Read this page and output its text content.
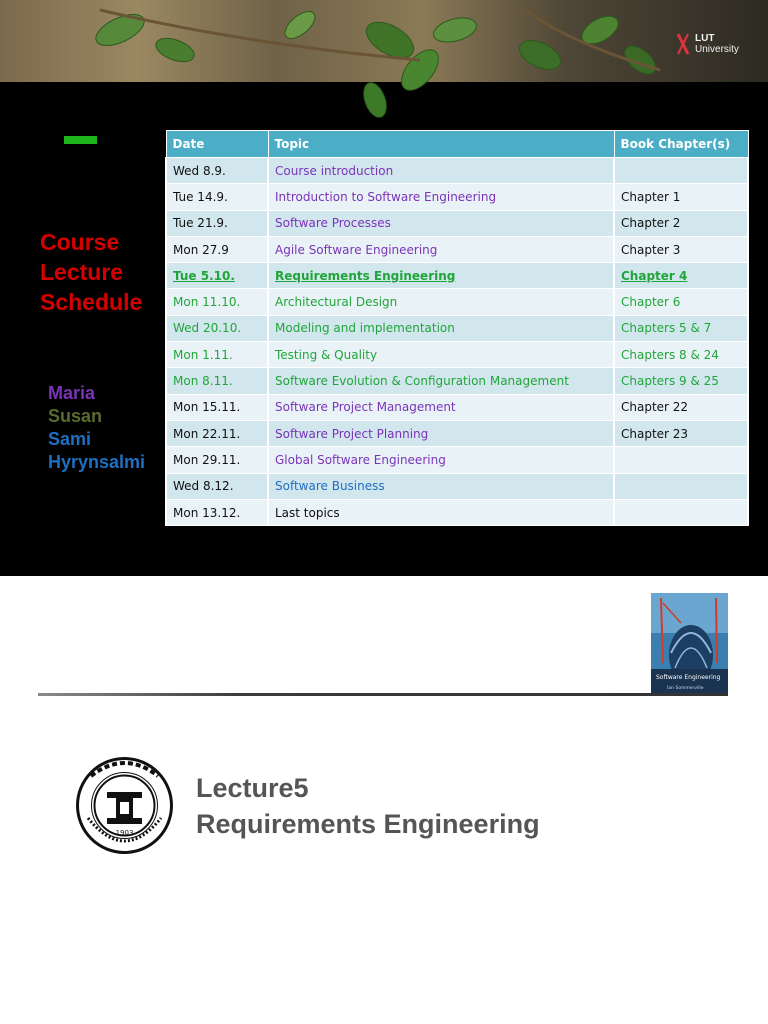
LUT
University
Course
Lecture
Schedule
Maria
Susan
Sami
Hyrynsalmi
Date	Topic	Book Chapter(s)
Wed 8.9.	Course introduction	
Tue 14.9.	Introduction to Software Engineering	Chapter 1
Tue 21.9.	Software Processes	Chapter 2
Mon 27.9	Agile Software Engineering	Chapter 3
Tue 5.10.	Requirements Engineering	Chapter 4
Mon 11.10.	Architectural Design	Chapter 6
Wed 20.10.	Modeling and implementation	Chapters 5 & 7
Mon 1.11.	Testing & Quality	Chapters 8 & 24
Mon 8.11.	Software Evolution & Configuration Management	Chapters 9 & 25
Mon 15.11.	Software Project Management	Chapter 22
Mon 22.11.	Software Project Planning	Chapter 23
Mon 29.11.	Global Software Engineering	
Wed 8.12.	Software Business	
Mon 13.12.	Last topics	
Software Engineering
Ian Sommerville
1903
Lecture5
Requirements Engineering
